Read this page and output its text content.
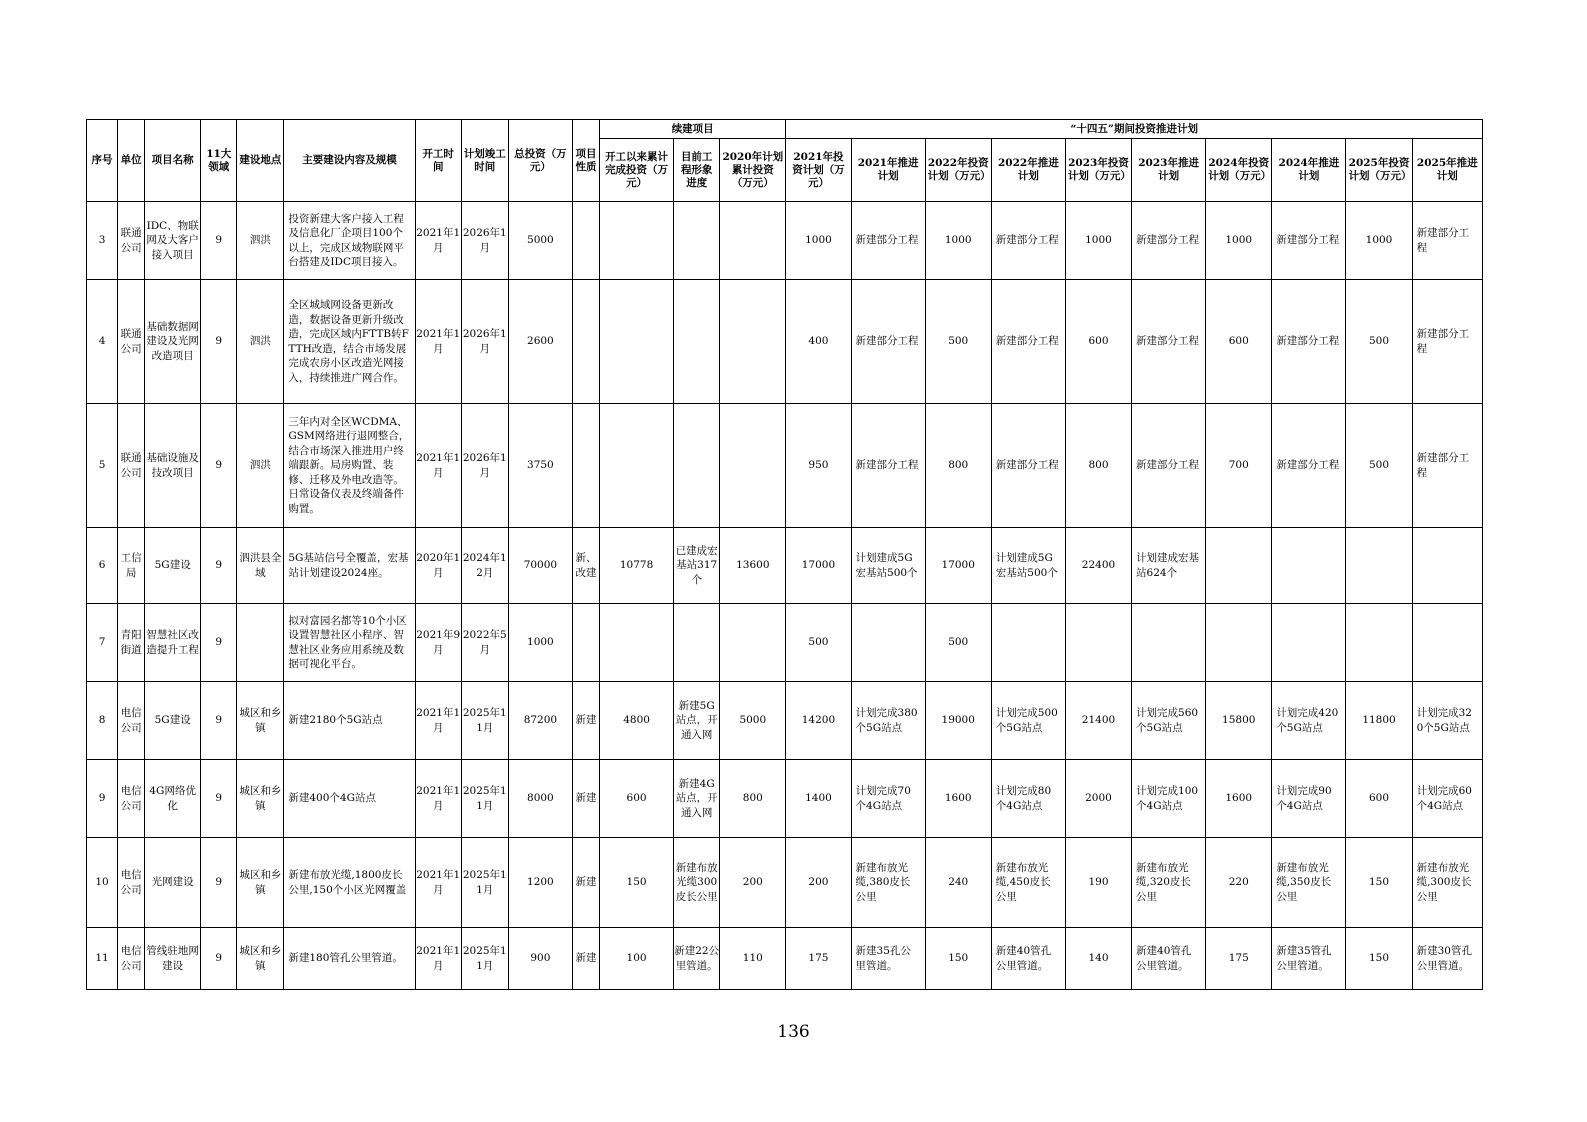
序号	单位	项目名称	11大领域	建设地点	主要建设内容及规模	开工时间	计划竣工时间	总投资（万元）	项目性质	续建项目			“十四五”期间投资推进计划									
										开工以来累计完成投资（万元）	目前工程形象进度	2020年计划累计投资（万元）	2021年投资计划（万元）	2021年推进计划	2022年投资计划（万元）	2022年推进计划	2023年投资计划（万元）	2023年推进计划	2024年投资计划（万元）	2024年推进计划	2025年投资计划（万元）	2025年推进计划
3	联通公司	IDC、物联网及大客户接入项目	9	泗洪	投资新建大客户接入工程及信息化厂企项目100个以上，完成区域物联网平台搭建及IDC项目接入。	2021年1月	2026年1月	5000					1000	新建部分工程	1000	新建部分工程	1000	新建部分工程	1000	新建部分工程	1000	新建部分工程
4	联通公司	基础数据网建设及光网改造项目	9	泗洪	全区城域网设备更新改造，数据设备更新升级改造，完成区域内FTTB转FTTH改造，结合市场发展完成农房小区改造光网接入，持续推进广网合作。	2021年1月	2026年1月	2600					400	新建部分工程	500	新建部分工程	600	新建部分工程	600	新建部分工程	500	新建部分工程
5	联通公司	基础设施及技改项目	9	泗洪	三年内对全区WCDMA、GSM网络进行退网整合，结合市场深入推进用户终端跟新。局房购置、装修、迁移及外电改造等。日常设备仪表及终端备件购置。	2021年1月	2026年1月	3750					950	新建部分工程	800	新建部分工程	800	新建部分工程	700	新建部分工程	500	新建部分工程
6	工信局	5G建设	9	泗洪县全域	5G基站信号全覆盖，宏基站计划建设2024座。	2020年1月	2024年12月	70000	新、改建	10778	已建成宏基站317个	13600	17000	计划建成5G宏基站500个	17000	计划建成5G宏基站500个	22400	计划建成宏基站624个				
7	青阳街道	智慧社区改造提升工程	9		拟对富园名都等10个小区设置智慧社区小程序、智慧社区业务应用系统及数据可视化平台。	2021年9月	2022年5月	1000					500		500							
8	电信公司	5G建设	9	城区和乡镇	新建2180个5G站点	2021年1月	2025年11月	87200	新建	4800	新建5G站点，开通入网	5000	14200	计划完成380个5G站点	19000	计划完成500个5G站点	21400	计划完成560个5G站点	15800	计划完成420个5G站点	11800	计划完成320个5G站点
9	电信公司	4G网络优化	9	城区和乡镇	新建400个4G站点	2021年1月	2025年11月	8000	新建	600	新建4G站点，开通入网	800	1400	计划完成70个4G站点	1600	计划完成80个4G站点	2000	计划完成100个4G站点	1600	计划完成90个4G站点	600	计划完成60个4G站点
10	电信公司	光网建设	9	城区和乡镇	新建布放光缆,1800皮长公里,150个小区光网覆盖	2021年1月	2025年11月	1200	新建	150	新建布放光缆300皮长公里	200	200	新建布放光缆,380皮长公里	240	新建布放光缆,450皮长公里	190	新建布放光缆,320皮长公里	220	新建布放光缆,350皮长公里	150	新建布放光缆,300皮长公里
11	电信公司	管线驻地网建设	9	城区和乡镇	新建180管孔公里管道。	2021年1月	2025年11月	900	新建	100	新建22公里管道。	110	175	新建35孔公里管道。	150	新建40管孔公里管道。	140	新建40管孔公里管道。	175	新建35管孔公里管道。	150	新建30管孔公里管道。
136
